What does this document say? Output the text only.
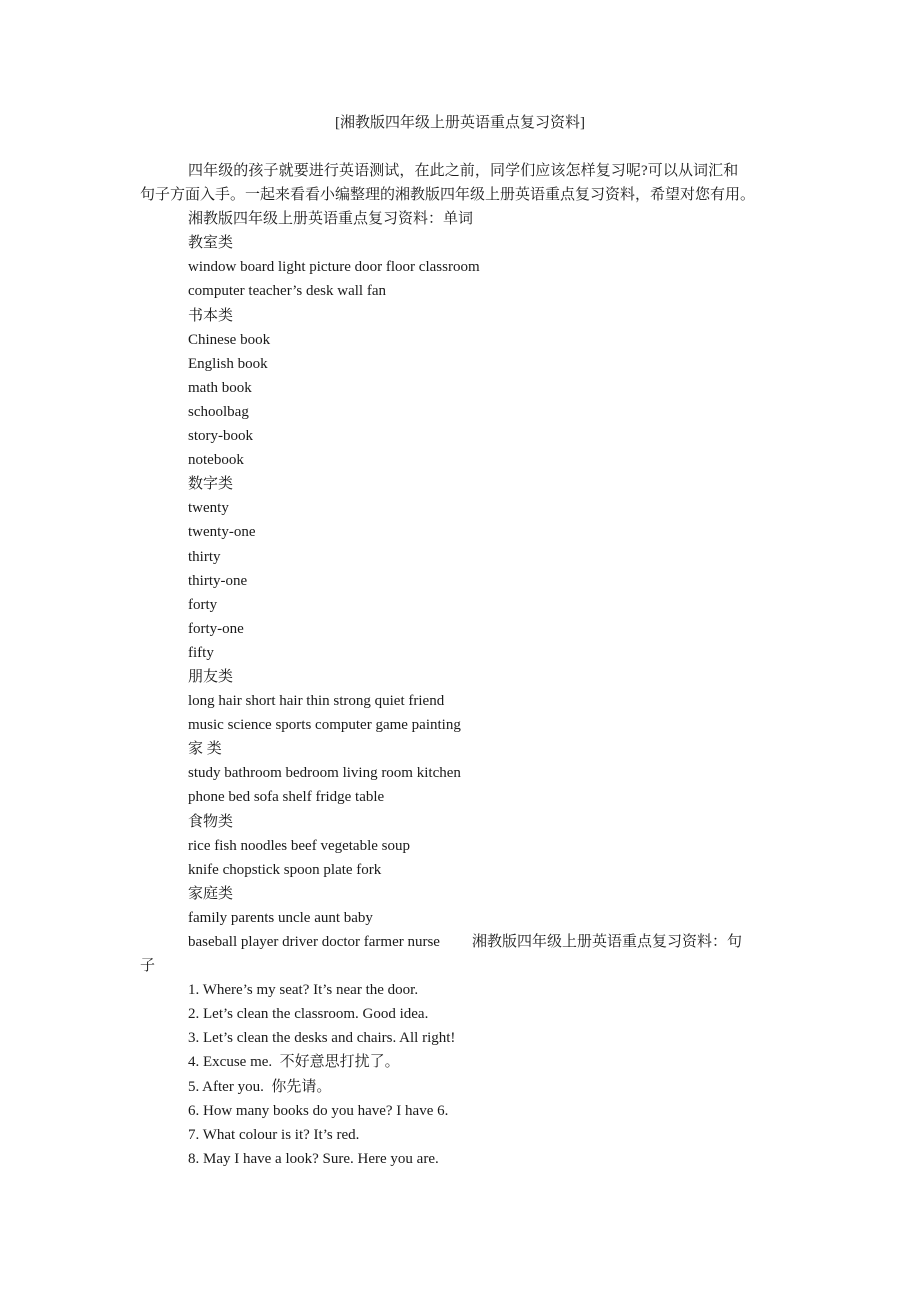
[湘教版四年级上册英语重点复习资料]
四年级的孩子就要进行英语测试，在此之前，同学们应该怎样复习呢?可以从词汇和
句子方面入手。一起来看看小编整理的湘教版四年级上册英语重点复习资料，希望对您有用。
湘教版四年级上册英语重点复习资料：单词
教室类
window board light picture door floor classroom
computer teacher’s desk wall fan
书本类
Chinese book
English book
math book
schoolbag
story-book
notebook
数字类
twenty
twenty-one
thirty
thirty-one
forty
forty-one
fifty
朋友类
long hair short hair thin strong quiet friend
music science sports computer game painting
家 类
study bathroom bedroom living room kitchen
phone bed sofa shelf fridge table
食物类
rice fish noodles beef vegetable soup
knife chopstick spoon plate fork
家庭类
family parents uncle aunt baby
baseball player driver doctor farmer nurse 湘教版四年级上册英语重点复习资料：句
子
1. Where’s my seat? It’s near the door.
2. Let’s clean the classroom. Good idea.
3. Let’s clean the desks and chairs. All right!
4. Excuse me.  不好意思打扰了。
5. After you.  你先请。
6. How many books do you have? I have 6.
7. What colour is it? It’s red.
8. May I have a look? Sure. Here you are.
